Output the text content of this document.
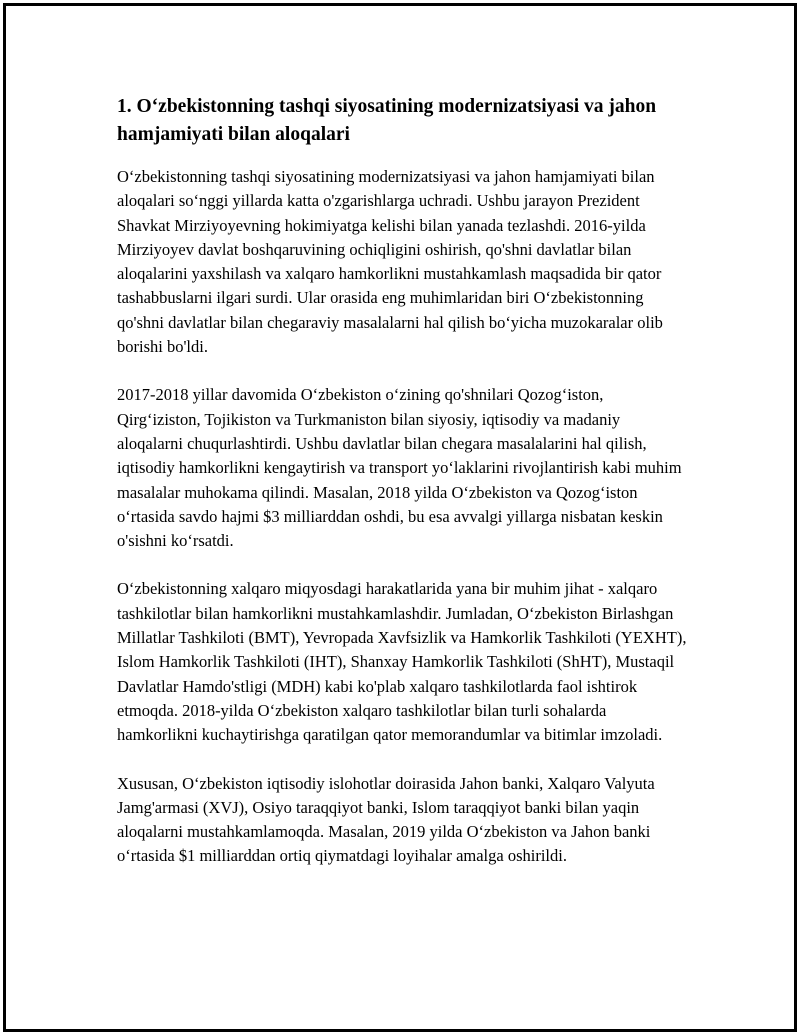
1. O‘zbekistonning tashqi siyosatining modernizatsiyasi va jahon hamjamiyati bilan aloqalari

O‘zbekistonning tashqi siyosatining modernizatsiyasi va jahon hamjamiyati bilan aloqalari so‘nggi yillarda katta o'zgarishlarga uchradi. Ushbu jarayon Prezident Shavkat Mirziyoyevning hokimiyatga kelishi bilan yanada tezlashdi. 2016-yilda Mirziyoyev davlat boshqaruvining ochiqligini oshirish, qo'shni davlatlar bilan aloqalarini yaxshilash va xalqaro hamkorlikni mustahkamlash maqsadida bir qator tashabbuslarni ilgari surdi. Ular orasida eng muhimlaridan biri O‘zbekistonning qo'shni davlatlar bilan chegaraviy masalalarni hal qilish bo‘yicha muzokaralar olib borishi bo'ldi.

2017-2018 yillar davomida O‘zbekiston o‘zining qo'shnilari Qozog‘iston, Qirg‘iziston, Tojikiston va Turkmaniston bilan siyosiy, iqtisodiy va madaniy aloqalarni chuqurlashtirdi. Ushbu davlatlar bilan chegara masalalarini hal qilish, iqtisodiy hamkorlikni kengaytirish va transport yo‘laklarini rivojlantirish kabi muhim masalalar muhokama qilindi. Masalan, 2018 yilda O‘zbekiston va Qozog‘iston o‘rtasida savdo hajmi $3 milliarddan oshdi, bu esa avvalgi yillarga nisbatan keskin o'sishni ko‘rsatdi.

O‘zbekistonning xalqaro miqyosdagi harakatlarida yana bir muhim jihat - xalqaro tashkilotlar bilan hamkorlikni mustahkamlashdir. Jumladan, O‘zbekiston Birlashgan Millatlar Tashkiloti (BMT), Yevropada Xavfsizlik va Hamkorlik Tashkiloti (YEXHT), Islom Hamkorlik Tashkiloti (IHT), Shanxay Hamkorlik Tashkiloti (ShHT), Mustaqil Davlatlar Hamdo'stligi (MDH) kabi ko'plab xalqaro tashkilotlarda faol ishtirok etmoqda. 2018-yilda O‘zbekiston xalqaro tashkilotlar bilan turli sohalarda hamkorlikni kuchaytirishga qaratilgan qator memorandumlar va bitimlar imzoladi.

Xususan, O‘zbekiston iqtisodiy islohotlar doirasida Jahon banki, Xalqaro Valyuta Jamg'armasi (XVJ), Osiyo taraqqiyot banki, Islom taraqqiyot banki bilan yaqin aloqalarni mustahkamlamoqda. Masalan, 2019 yilda O‘zbekiston va Jahon banki o‘rtasida $1 milliarddan ortiq qiymatdagi loyihalar amalga oshirildi.
